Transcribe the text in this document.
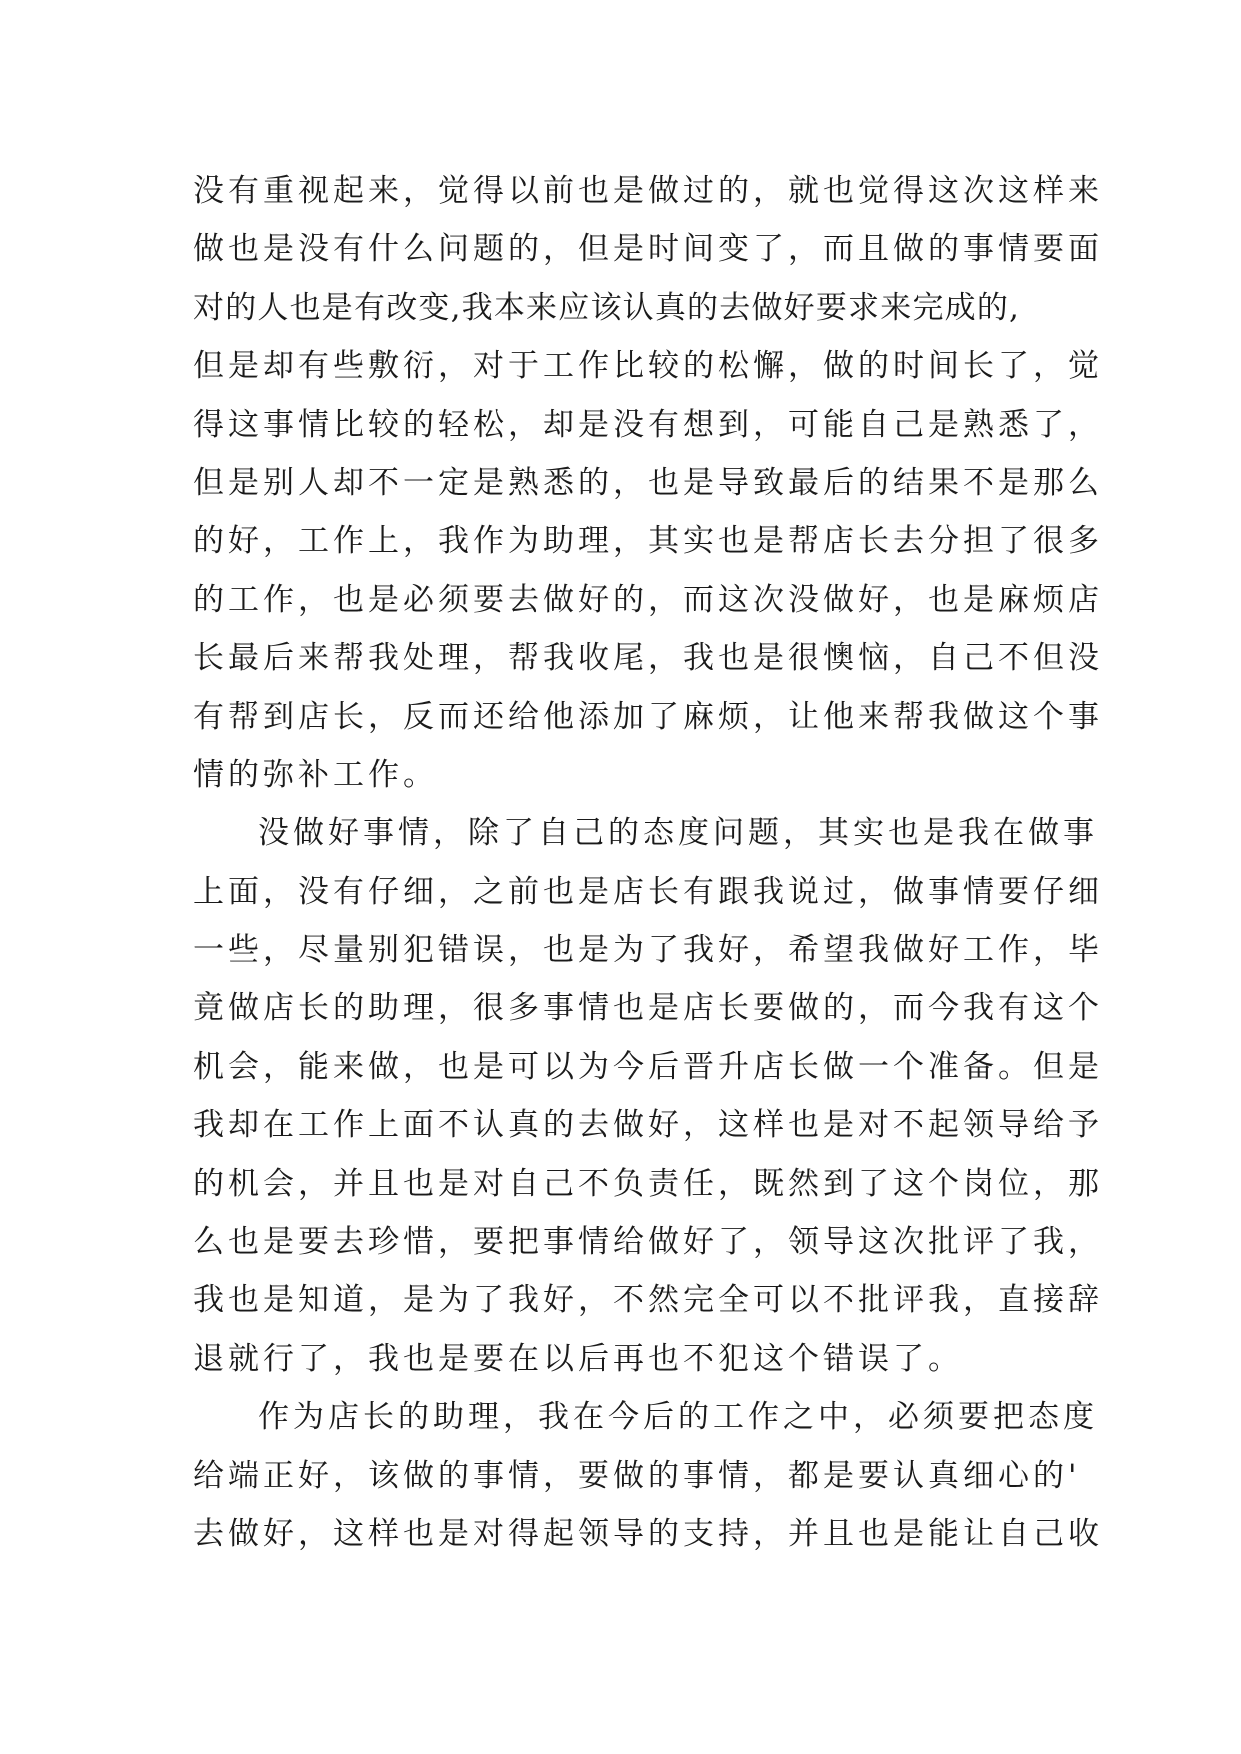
没有重视起来，觉得以前也是做过的，就也觉得这次这样来
做也是没有什么问题的，但是时间变了，而且做的事情要面
对的人也是有改变,我本来应该认真的去做好要求来完成的,
但是却有些敷衍，对于工作比较的松懈，做的时间长了，觉
得这事情比较的轻松，却是没有想到，可能自己是熟悉了，
但是别人却不一定是熟悉的，也是导致最后的结果不是那么
的好，工作上，我作为助理，其实也是帮店长去分担了很多
的工作，也是必须要去做好的，而这次没做好，也是麻烦店
长最后来帮我处理，帮我收尾，我也是很懊恼，自己不但没
有帮到店长，反而还给他添加了麻烦，让他来帮我做这个事
情的弥补工作。
没做好事情，除了自己的态度问题，其实也是我在做事
上面，没有仔细，之前也是店长有跟我说过，做事情要仔细
一些，尽量别犯错误，也是为了我好，希望我做好工作，毕
竟做店长的助理，很多事情也是店长要做的，而今我有这个
机会，能来做，也是可以为今后晋升店长做一个准备。但是
我却在工作上面不认真的去做好，这样也是对不起领导给予
的机会，并且也是对自己不负责任，既然到了这个岗位，那
么也是要去珍惜，要把事情给做好了，领导这次批评了我，
我也是知道，是为了我好，不然完全可以不批评我，直接辞
退就行了，我也是要在以后再也不犯这个错误了。
作为店长的助理，我在今后的工作之中，必须要把态度
给端正好，该做的事情，要做的事情，都是要认真细心的'
去做好，这样也是对得起领导的支持，并且也是能让自己收
